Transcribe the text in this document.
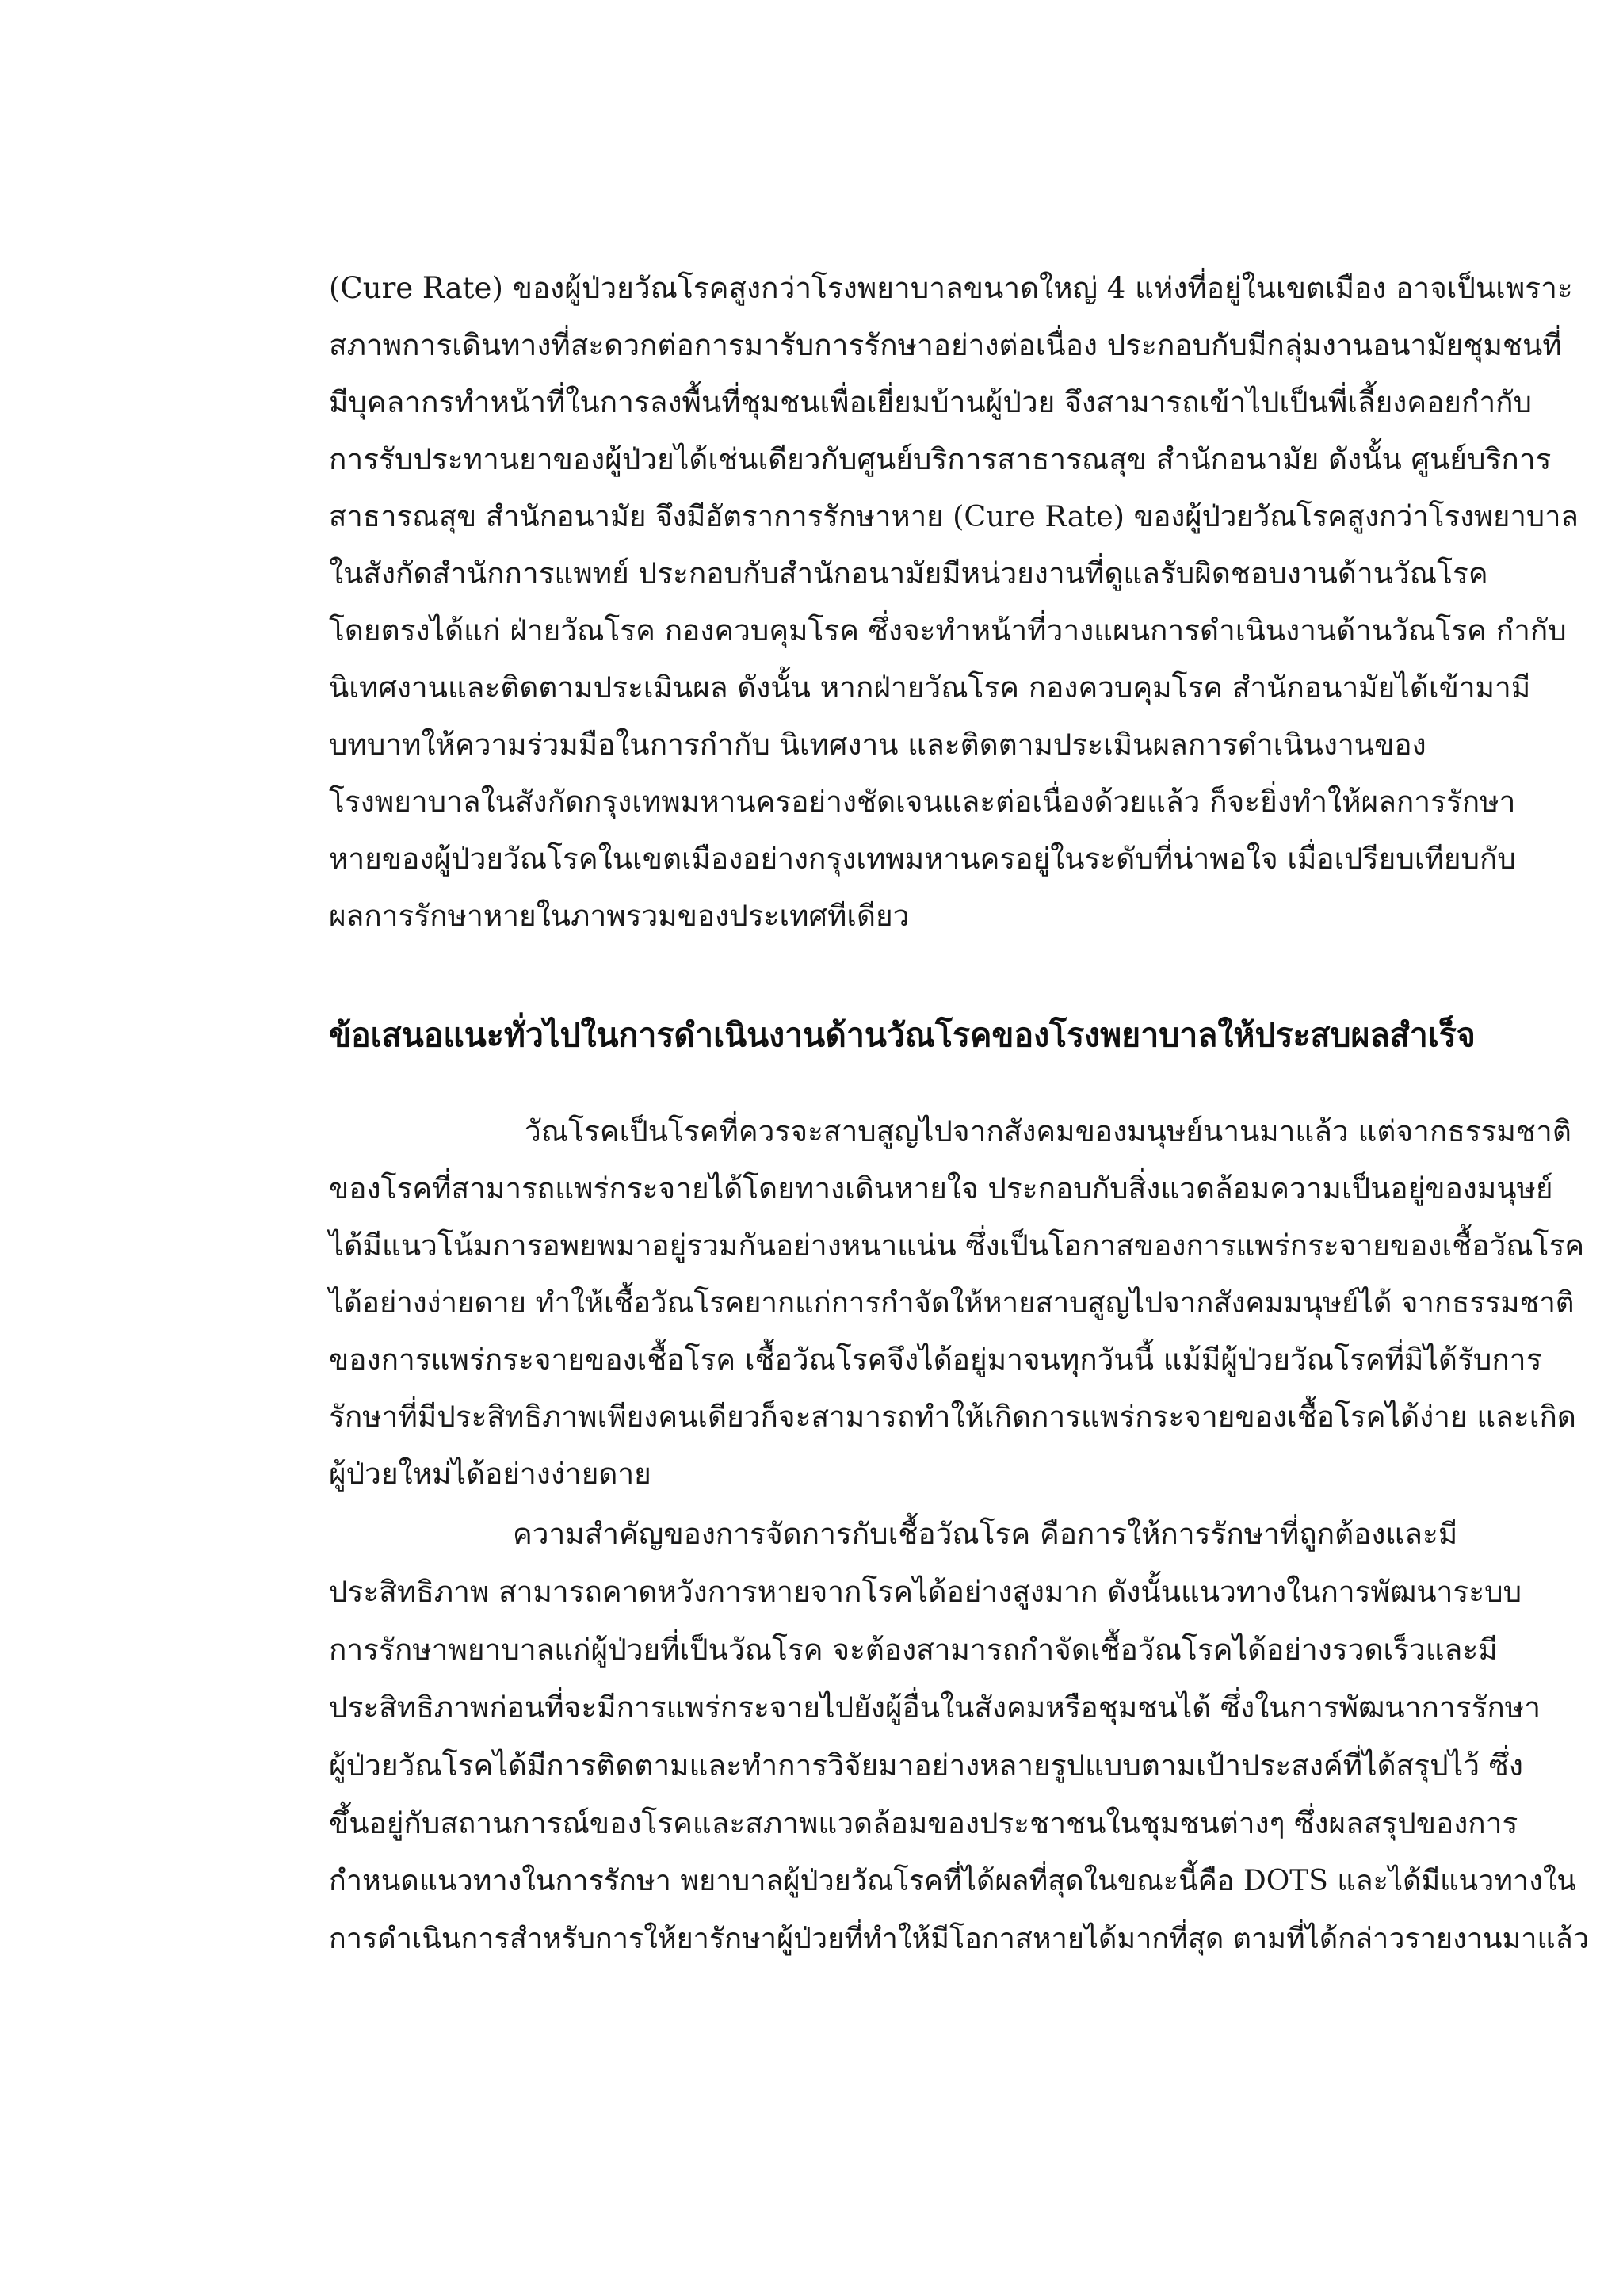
(Cure Rate) ของผู้ป่วยวัณโรคสูงกว่าโรงพยาบาลขนาดใหญ่ 4 แห่งที่อยู่ในเขตเมือง อาจเป็นเพราะ
สภาพการเดินทางที่สะดวกต่อการมารับการรักษาอย่างต่อเนื่อง ประกอบกับมีกลุ่มงานอนามัยชุมชนที่
มีบุคลากรทำหน้าที่ในการลงพื้นที่ชุมชนเพื่อเยี่ยมบ้านผู้ป่วย จึงสามารถเข้าไปเป็นพี่เลี้ยงคอยกำกับ
การรับประทานยาของผู้ป่วยได้เช่นเดียวกับศูนย์บริการสาธารณสุข สำนักอนามัย ดังนั้น ศูนย์บริการ
สาธารณสุข สำนักอนามัย จึงมีอัตราการรักษาหาย (Cure Rate) ของผู้ป่วยวัณโรคสูงกว่าโรงพยาบาล
ในสังกัดสำนักการแพทย์ ประกอบกับสำนักอนามัยมีหน่วยงานที่ดูแลรับผิดชอบงานด้านวัณโรค
โดยตรงได้แก่ ฝ่ายวัณโรค กองควบคุมโรค ซึ่งจะทำหน้าที่วางแผนการดำเนินงานด้านวัณโรค กำกับ
นิเทศงานและติดตามประเมินผล ดังนั้น หากฝ่ายวัณโรค กองควบคุมโรค สำนักอนามัยได้เข้ามามี
บทบาทให้ความร่วมมือในการกำกับ นิเทศงาน และติดตามประเมินผลการดำเนินงานของ
โรงพยาบาลในสังกัดกรุงเทพมหานครอย่างชัดเจนและต่อเนื่องด้วยแล้ว ก็จะยิ่งทำให้ผลการรักษา
หายของผู้ป่วยวัณโรคในเขตเมืองอย่างกรุงเทพมหานครอยู่ในระดับที่น่าพอใจ เมื่อเปรียบเทียบกับ
ผลการรักษาหายในภาพรวมของประเทศทีเดียว
ข้อเสนอแนะทั่วไปในการดำเนินงานด้านวัณโรคของโรงพยาบาลให้ประสบผลสำเร็จ
วัณโรคเป็นโรคที่ควรจะสาบสูญไปจากสังคมของมนุษย์นานมาแล้ว แต่จากธรรมชาติ
ของโรคที่สามารถแพร่กระจายได้โดยทางเดินหายใจ ประกอบกับสิ่งแวดล้อมความเป็นอยู่ของมนุษย์
ได้มีแนวโน้มการอพยพมาอยู่รวมกันอย่างหนาแน่น ซึ่งเป็นโอกาสของการแพร่กระจายของเชื้อวัณโรค
ได้อย่างง่ายดาย ทำให้เชื้อวัณโรคยากแก่การกำจัดให้หายสาบสูญไปจากสังคมมนุษย์ได้ จากธรรมชาติ
ของการแพร่กระจายของเชื้อโรค เชื้อวัณโรคจึงได้อยู่มาจนทุกวันนี้ แม้มีผู้ป่วยวัณโรคที่มิได้รับการ
รักษาที่มีประสิทธิภาพเพียงคนเดียวก็จะสามารถทำให้เกิดการแพร่กระจายของเชื้อโรคได้ง่าย และเกิด
ผู้ป่วยใหม่ได้อย่างง่ายดาย
ความสำคัญของการจัดการกับเชื้อวัณโรค คือการให้การรักษาที่ถูกต้องและมี
ประสิทธิภาพ สามารถคาดหวังการหายจากโรคได้อย่างสูงมาก ดังนั้นแนวทางในการพัฒนาระบบ
การรักษาพยาบาลแก่ผู้ป่วยที่เป็นวัณโรค จะต้องสามารถกำจัดเชื้อวัณโรคได้อย่างรวดเร็วและมี
ประสิทธิภาพก่อนที่จะมีการแพร่กระจายไปยังผู้อื่นในสังคมหรือชุมชนได้ ซึ่งในการพัฒนาการรักษา
ผู้ป่วยวัณโรคได้มีการติดตามและทำการวิจัยมาอย่างหลายรูปแบบตามเป้าประสงค์ที่ได้สรุปไว้ ซึ่ง
ขึ้นอยู่กับสถานการณ์ของโรคและสภาพแวดล้อมของประชาชนในชุมชนต่างๆ ซึ่งผลสรุปของการ
กำหนดแนวทางในการรักษา พยาบาลผู้ป่วยวัณโรคที่ได้ผลที่สุดในขณะนี้คือ DOTS และได้มีแนวทางใน
การดำเนินการสำหรับการให้ยารักษาผู้ป่วยที่ทำให้มีโอกาสหายได้มากที่สุด ตามที่ได้กล่าวรายงานมาแล้ว
